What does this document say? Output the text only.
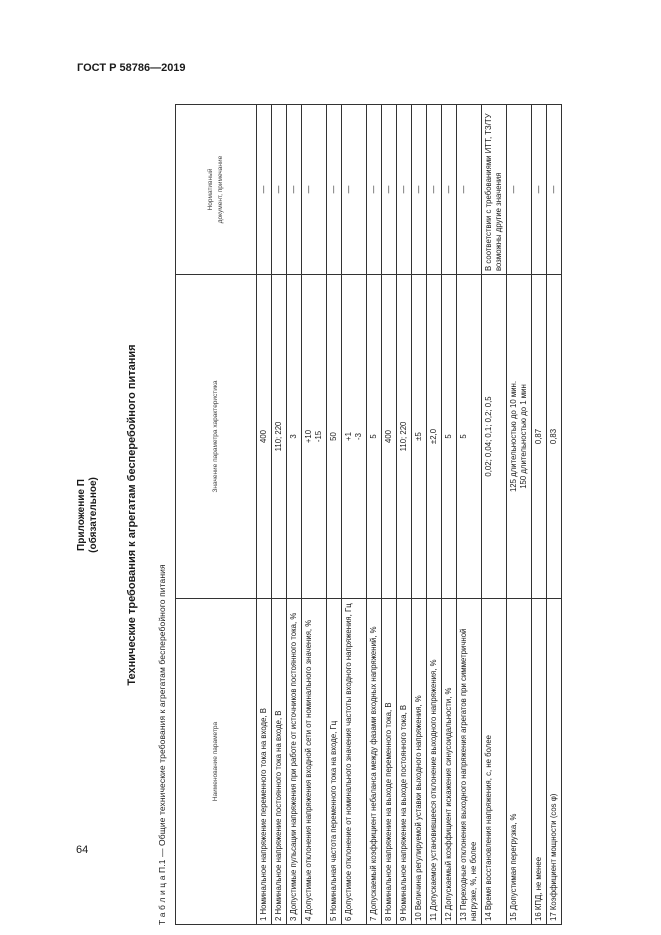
ГОСТ Р 58786—2019
Приложение П (обязательное) Технические требования к агрегатам бесперебойного питания
Т а б л и ц а П.1 — Общие технические требования к агрегатам бесперебойного питания	Наименование параметра	Значение параметра характеристика	Нормативный документ, примечание

1 Номинальное напряжение переменного тока на входе, В	400	—
2 Номинальное напряжение постоянного тока на входе, В	110; 220	—
3 Допустимые пульсации напряжения при работе от источников постоянного тока, %	3	—
4 Допустимые отклонения напряжения входной сети от номинального значения, %	+10 -15	—
5 Номинальная частота переменного тока на входе, Гц	50	—
6 Допустимое отклонение от номинального значения частоты входного напряжения, Гц	+1 -3	—
7 Допускаемый коэффициент небаланса между фазами входных напряжений, %	5	—
8 Номинальное напряжение на выходе переменного тока, В	400	—
9 Номинальное напряжение на выходе постоянного тока, В	110; 220	—
10 Величина регулируемой уставки выходного напряжения, %	±5	—
11 Допускаемое установившееся отклонение выходного напряжения, %	±2,0	—
12 Допускаемый коэффициент искажения синусоидальности, %	5	—
13 Переходные отклонения выходного напряжения агрегатов при симметричной нагрузке, %, не более	5	—
14 Время восстановления напряжения, с, не более	0,02; 0,04; 0,1; 0,2; 0,5	В соответствии с требованиями ИТТ, ТЗ/ТУ возможны другие значения
15 Допустимая перегрузка, %	125 длительностью до 10 мин. 150 длительностью до 1 мин	—
16 КПД, не менее	0,87	—
17 Коэффициент мощности (cos φ)	0,83	—
64
